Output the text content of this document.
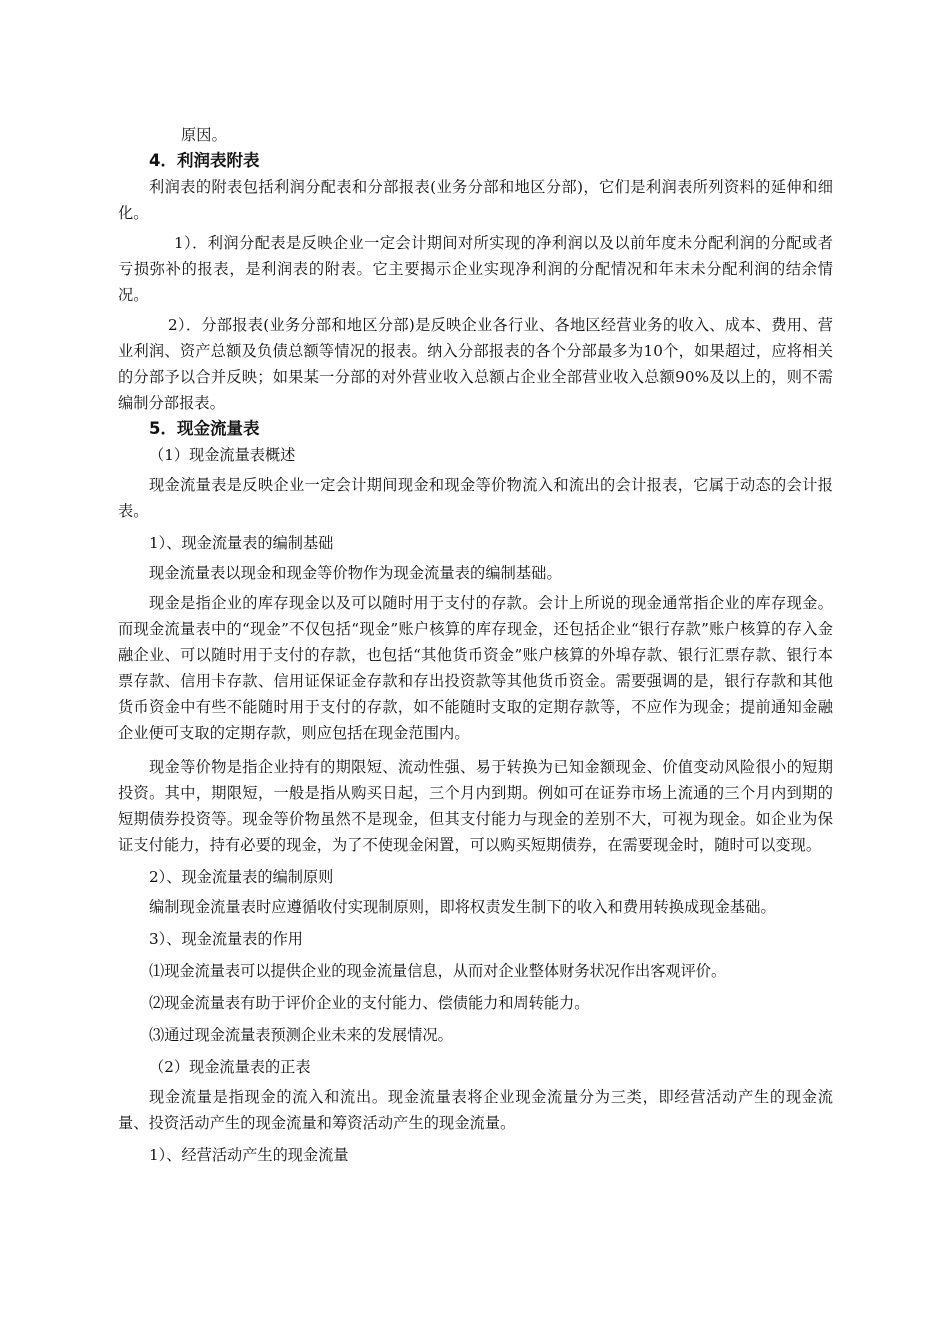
原因。
4．利润表附表

利润表的附表包括利润分配表和分部报表(业务分部和地区分部)，它们是利润表所列资料的延伸和细化。

1）．利润分配表是反映企业一定会计期间对所实现的净利润以及以前年度未分配利润的分配或者亏损弥补的报表，是利润表的附表。它主要揭示企业实现净利润的分配情况和年末未分配利润的结余情况。

2）．分部报表(业务分部和地区分部)是反映企业各行业、各地区经营业务的收入、成本、费用、营业利润、资产总额及负债总额等情况的报表。纳入分部报表的各个分部最多为10个，如果超过，应将相关的分部予以合并反映；如果某一分部的对外营业收入总额占企业全部营业收入总额90%及以上的，则不需编制分部报表。

5．现金流量表
（1）现金流量表概述

现金流量表是反映企业一定会计期间现金和现金等价物流入和流出的会计报表，它属于动态的会计报表。

1）、现金流量表的编制基础

现金流量表以现金和现金等价物作为现金流量表的编制基础。

现金是指企业的库存现金以及可以随时用于支付的存款。会计上所说的现金通常指企业的库存现金。而现金流量表中的“现金”不仅包括“现金”账户核算的库存现金，还包括企业“银行存款”账户核算的存入金融企业、可以随时用于支付的存款，也包括“其他货币资金”账户核算的外埠存款、银行汇票存款、银行本票存款、信用卡存款、信用证保证金存款和存出投资款等其他货币资金。需要强调的是，银行存款和其他货币资金中有些不能随时用于支付的存款，如不能随时支取的定期存款等，不应作为现金；提前通知金融企业便可支取的定期存款，则应包括在现金范围内。

现金等价物是指企业持有的期限短、流动性强、易于转换为已知金额现金、价值变动风险很小的短期投资。其中，期限短，一般是指从购买日起，三个月内到期。例如可在证券市场上流通的三个月内到期的短期债券投资等。现金等价物虽然不是现金，但其支付能力与现金的差别不大，可视为现金。如企业为保证支付能力，持有必要的现金，为了不使现金闲置，可以购买短期债券，在需要现金时，随时可以变现。

2）、现金流量表的编制原则

编制现金流量表时应遵循收付实现制原则，即将权责发生制下的收入和费用转换成现金基础。

3）、现金流量表的作用
⑴现金流量表可以提供企业的现金流量信息，从而对企业整体财务状况作出客观评价。
⑵现金流量表有助于评价企业的支付能力、偿债能力和周转能力。
⑶通过现金流量表预测企业未来的发展情况。
（2）现金流量表的正表

现金流量是指现金的流入和流出。现金流量表将企业现金流量分为三类，即经营活动产生的现金流量、投资活动产生的现金流量和筹资活动产生的现金流量。

1）、经营活动产生的现金流量
